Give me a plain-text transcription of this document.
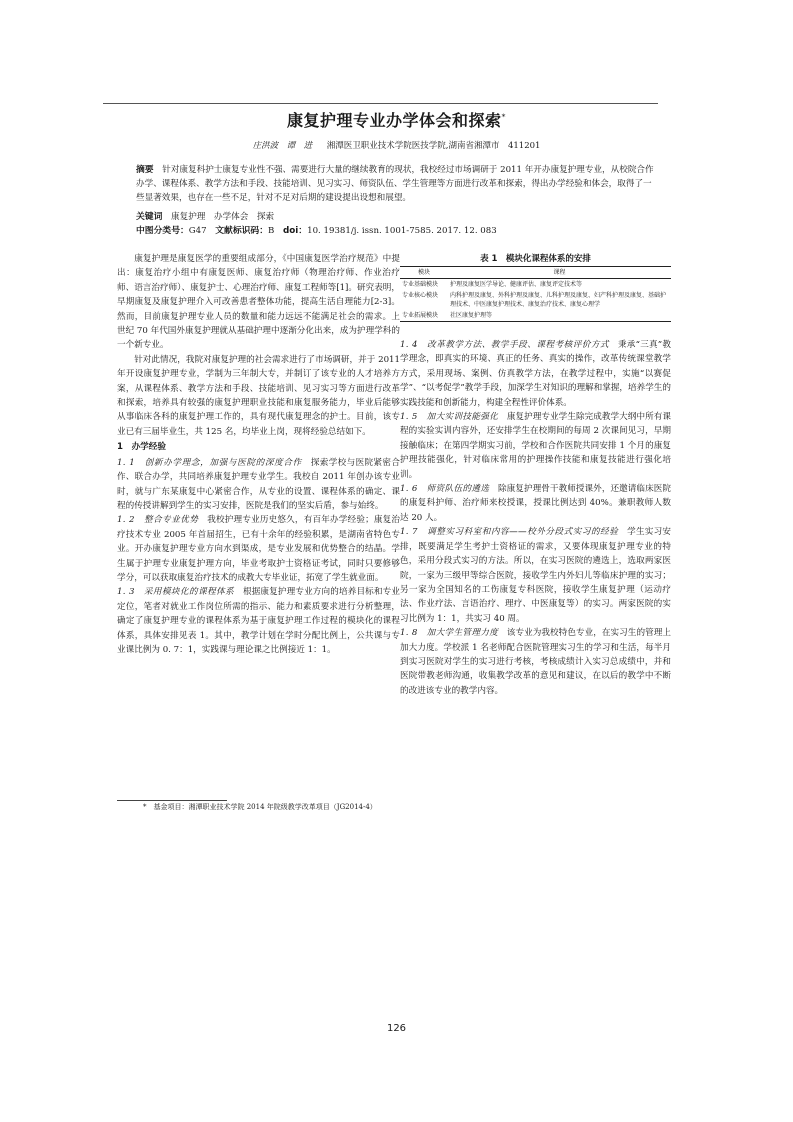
康复护理专业办学体会和探索*
庄洪波　谭　进 湘潭医卫职业技术学院医技学院,湖南省湘潭市　411201
摘要　 针对康复科护士康复专业性不强、需要进行大量的继续教育的现状，我校经过市场调研于 2011 年开办康复护理专业，从校院合作办学、课程体系、教学方法和手段、技能培训、见习实习、师资队伍、学生管理等方面进行改革和探索，得出办学经验和体会，取得了一些显著效果，也存在一些不足，针对不足对后期的建设提出设想和展望。
关键词　 康复护理　办学体会　探索
中图分类号：G47　 文献标识码：B　 doi：10. 19381/j. issn. 1001-7585. 2017. 12. 083

康复护理是康复医学的重要组成部分，《中国康复医学治疗规范》中提出：康复治疗小组中有康复医师、康复治疗师（物理治疗师、作业治疗师、语言治疗师）、康复护士、心理治疗师、康复工程师等[1]。研究表明，早期康复及康复护理介入可改善患者整体功能，提高生活自理能力[2-3]。然而，目前康复护理专业人员的数量和能力远远不能满足社会的需求。上世纪 70 年代国外康复护理就从基础护理中逐渐分化出来，成为护理学科的一个新专业。

针对此情况，我院对康复护理的社会需求进行了市场调研，并于 2011 年开设康复护理专业，学制为三年制大专，并制订了该专业的人才培养方案，从课程体系、教学方法和手段、技能培训、见习实习等方面进行改革和探索，培养具有较强的康复护理职业技能和康复服务能力，毕业后能够从事临床各科的康复护理工作的，具有现代康复理念的护士。目前，该专业已有三届毕业生，共 125 名，均毕业上岗，现将经验总结如下。

1　办学经验

1. 1　创新办学理念，加强与医院的深度合作　 探索学校与医院紧密合作、联合办学，共同培养康复护理专业学生。我校自 2011 年创办该专业时，就与广东某康复中心紧密合作，从专业的设置、课程体系的确定、课程的传授讲解到学生的实习安排，医院是我们的坚实后盾，参与始终。

1. 2　整合专业优势　 我校护理专业历史悠久，有百年办学经验；康复治疗技术专业 2005 年首届招生，已有十余年的经验积累，是湖南省特色专业。开办康复护理专业方向水到渠成，是专业发展和优势整合的结晶。学生属于护理专业康复护理方向，毕业考取护士资格证考试，同时只要修够学分，可以获取康复治疗技术的成教大专毕业证，拓宽了学生就业面。

1. 3　采用模块化的课程体系　 根据康复护理专业方向的培养目标和专业定位，笔者对就业工作岗位所需的指示、能力和素质要求进行分析整理，确定了康复护理专业的课程体系为基于康复护理工作过程的模块化的课程体系，具体安排见表 1。其中，教学计划在学时分配比例上，公共课与专业课比例为 0. 7：1，实践课与理论课之比例接近 1：1。

表 1　模块化课程体系的安排
模块	课程
专业基础模块	护理及康复医学导论、健康评估、康复评定技术等
专业核心模块	内科护理及康复、外科护理及康复、儿科护理及康复、妇产科护理及康复、基础护理技术、中医康复护理技术、康复治疗技术、康复心理学
专业拓展模块	社区康复护理等

1. 4　改革教学方法、教学手段、课程考核评价方式　 秉承“三真”教学理念，即真实的环境、真正的任务、真实的操作，改革传统课堂教学方式，采用现场、案例、仿真教学方法，在教学过程中，实施“以赛促学”、“以考促学”教学手段，加深学生对知识的理解和掌握，培养学生的实践技能和创新能力，构建全程性评价体系。

1. 5　加大实训技能强化　 康复护理专业学生除完成教学大纲中所有课程的实验实训内容外，还安排学生在校期间的每周 2 次课间见习，早期接触临床；在第四学期实习前，学校和合作医院共同安排 1 个月的康复护理技能强化，针对临床常用的护理操作技能和康复技能进行强化培训。

1. 6　师资队伍的遴选　 除康复护理骨干教师授课外，还邀请临床医院的康复科护师、治疗师来校授课，授课比例达到 40%。兼职教师人数达 20 人。

1. 7　调整实习科室和内容——校外分段式实习的经验　 学生实习安排，既要满足学生考护士资格证的需求，又要体现康复护理专业的特色，采用分段式实习的方法。所以，在实习医院的遴选上，选取两家医院，一家为三级甲等综合医院，接收学生内外妇儿等临床护理的实习；另一家为全国知名的工伤康复专科医院，接收学生康复护理（运动疗法、作业疗法、言语治疗、理疗、中医康复等）的实习。两家医院的实习比例为 1：1，共实习 40 周。

1. 8　加大学生管理力度　 该专业为我校特色专业，在实习生的管理上加大力度。学校派 1 名老师配合医院管理实习生的学习和生活，每半月到实习医院对学生的实习进行考核，考核成绩计入实习总成绩中，并和医院带教老师沟通，收集教学改革的意见和建议，在以后的教学中不断的改进该专业的教学内容。

*　基金项目：湘潭职业技术学院 2014 年院级教学改革项目（JG2014-4）
126
